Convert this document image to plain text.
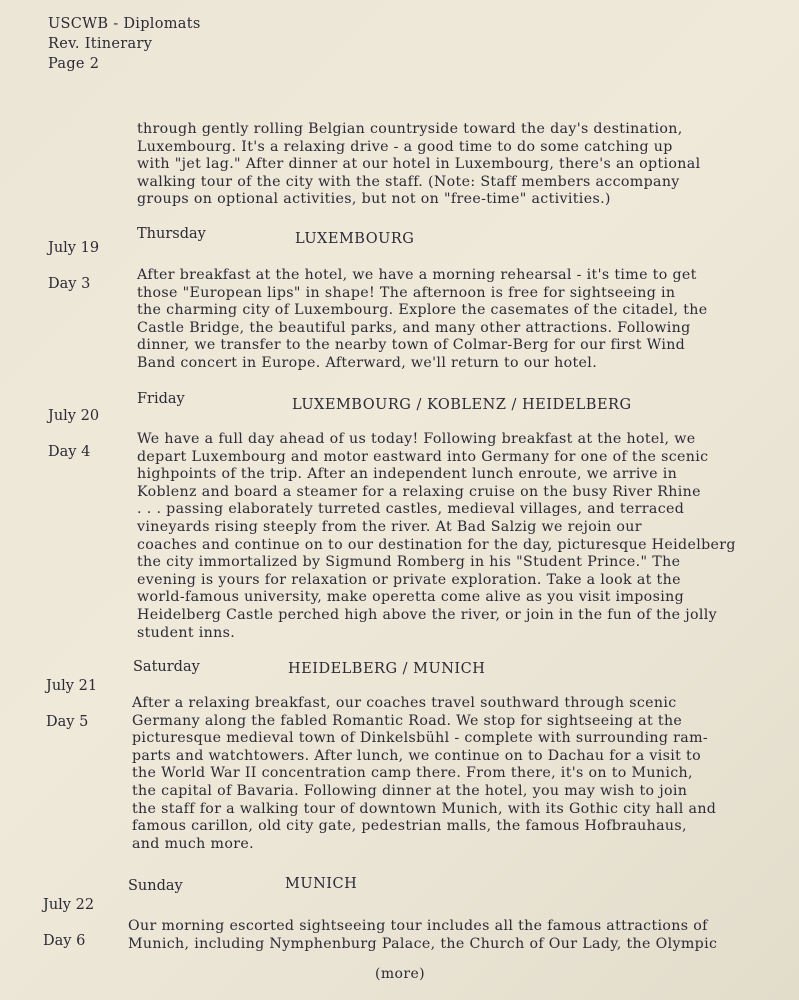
USCWB - Diplomats
Rev. Itinerary
Page 2
through gently rolling Belgian countryside toward the day's destination,
Luxembourg. It's a relaxing drive - a good time to do some catching up
with "jet lag." After dinner at our hotel in Luxembourg, there's an optional
walking tour of the city with the staff. (Note: Staff members accompany
groups on optional activities, but not on "free-time" activities.)

July 19

Day 3

Thursday	LUXEMBOURG
After breakfast at the hotel, we have a morning rehearsal - it's time to get
those "European lips" in shape! The afternoon is free for sightseeing in
the charming city of Luxembourg. Explore the casemates of the citadel, the
Castle Bridge, the beautiful parks, and many other attractions. Following
dinner, we transfer to the nearby town of Colmar-Berg for our first Wind
Band concert in Europe. Afterward, we'll return to our hotel.

July 20

Day 4

Friday	LUXEMBOURG / KOBLENZ / HEIDELBERG
We have a full day ahead of us today! Following breakfast at the hotel, we
depart Luxembourg and motor eastward into Germany for one of the scenic
highpoints of the trip. After an independent lunch enroute, we arrive in
Koblenz and board a steamer for a relaxing cruise on the busy River Rhine
. . . passing elaborately turreted castles, medieval villages, and terraced
vineyards rising steeply from the river. At Bad Salzig we rejoin our
coaches and continue on to our destination for the day, picturesque Heidelberg
the city immortalized by Sigmund Romberg in his "Student Prince." The
evening is yours for relaxation or private exploration. Take a look at the
world-famous university, make operetta come alive as you visit imposing
Heidelberg Castle perched high above the river, or join in the fun of the jolly
student inns.

July 21

Day 5

Saturday	HEIDELBERG / MUNICH
After a relaxing breakfast, our coaches travel southward through scenic
Germany along the fabled Romantic Road. We stop for sightseeing at the
picturesque medieval town of Dinkelsbühl - complete with surrounding ram-
parts and watchtowers. After lunch, we continue on to Dachau for a visit to
the World War II concentration camp there. From there, it's on to Munich,
the capital of Bavaria. Following dinner at the hotel, you may wish to join
the staff for a walking tour of downtown Munich, with its Gothic city hall and
famous carillon, old city gate, pedestrian malls, the famous Hofbrauhaus,
and much more.

July 22

Day 6

Sunday	MUNICH
Our morning escorted sightseeing tour includes all the famous attractions of
Munich, including Nymphenburg Palace, the Church of Our Lady, the Olympic
(more)
